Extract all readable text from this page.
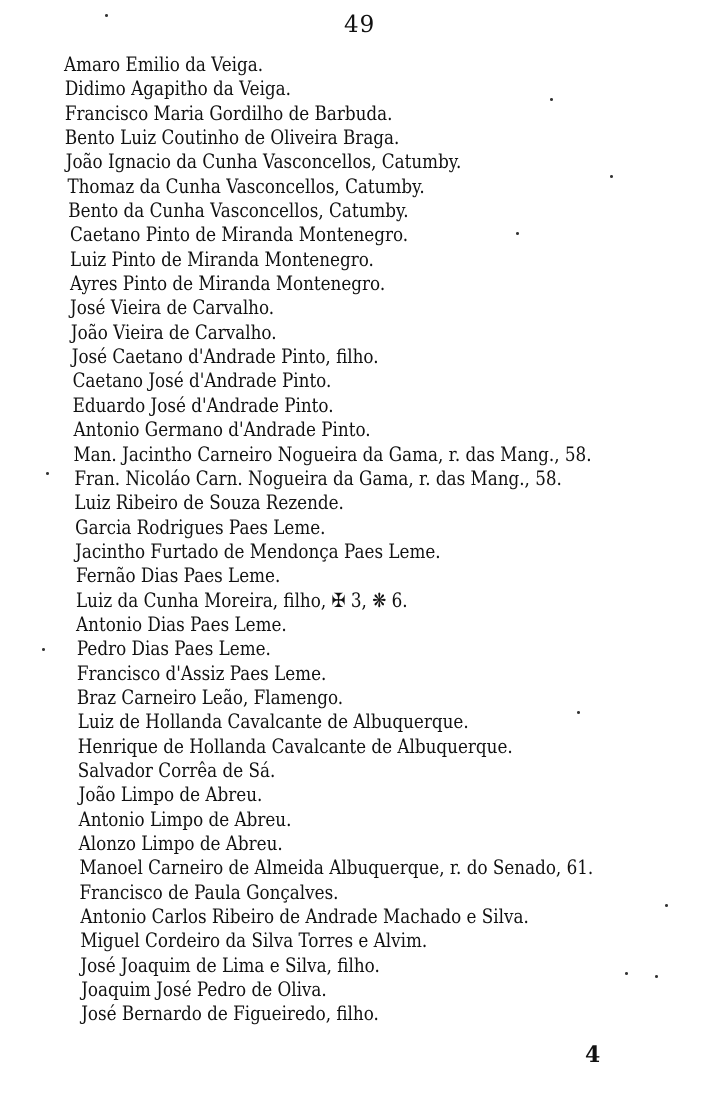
49
Amaro Emilio da Veiga.
Didimo Agapitho da Veiga.
Francisco Maria Gordilho de Barbuda.
Bento Luiz Coutinho de Oliveira Braga.
João Ignacio da Cunha Vasconcellos, Catumby.
Thomaz da Cunha Vasconcellos, Catumby.
Bento da Cunha Vasconcellos, Catumby.
Caetano Pinto de Miranda Montenegro.
Luiz Pinto de Miranda Montenegro.
Ayres Pinto de Miranda Montenegro.
José Vieira de Carvalho.
João Vieira de Carvalho.
José Caetano d'Andrade Pinto, filho.
Caetano José d'Andrade Pinto.
Eduardo José d'Andrade Pinto.
Antonio Germano d'Andrade Pinto.
Man. Jacintho Carneiro Nogueira da Gama, r. das Mang., 58.
Fran. Nicoláo Carn. Nogueira da Gama, r. das Mang., 58.
Luiz Ribeiro de Souza Rezende.
Garcia Rodrigues Paes Leme.
Jacintho Furtado de Mendonça Paes Leme.
Fernão Dias Paes Leme.
Luiz da Cunha Moreira, filho, ✠ 3, ❋ 6.
Antonio Dias Paes Leme.
Pedro Dias Paes Leme.
Francisco d'Assiz Paes Leme.
Braz Carneiro Leão, Flamengo.
Luiz de Hollanda Cavalcante de Albuquerque.
Henrique de Hollanda Cavalcante de Albuquerque.
Salvador Corrêa de Sá.
João Limpo de Abreu.
Antonio Limpo de Abreu.
Alonzo Limpo de Abreu.
Manoel Carneiro de Almeida Albuquerque, r. do Senado, 61.
Francisco de Paula Gonçalves.
Antonio Carlos Ribeiro de Andrade Machado e Silva.
Miguel Cordeiro da Silva Torres e Alvim.
José Joaquim de Lima e Silva, filho.
Joaquim José Pedro de Oliva.
José Bernardo de Figueiredo, filho.
4
